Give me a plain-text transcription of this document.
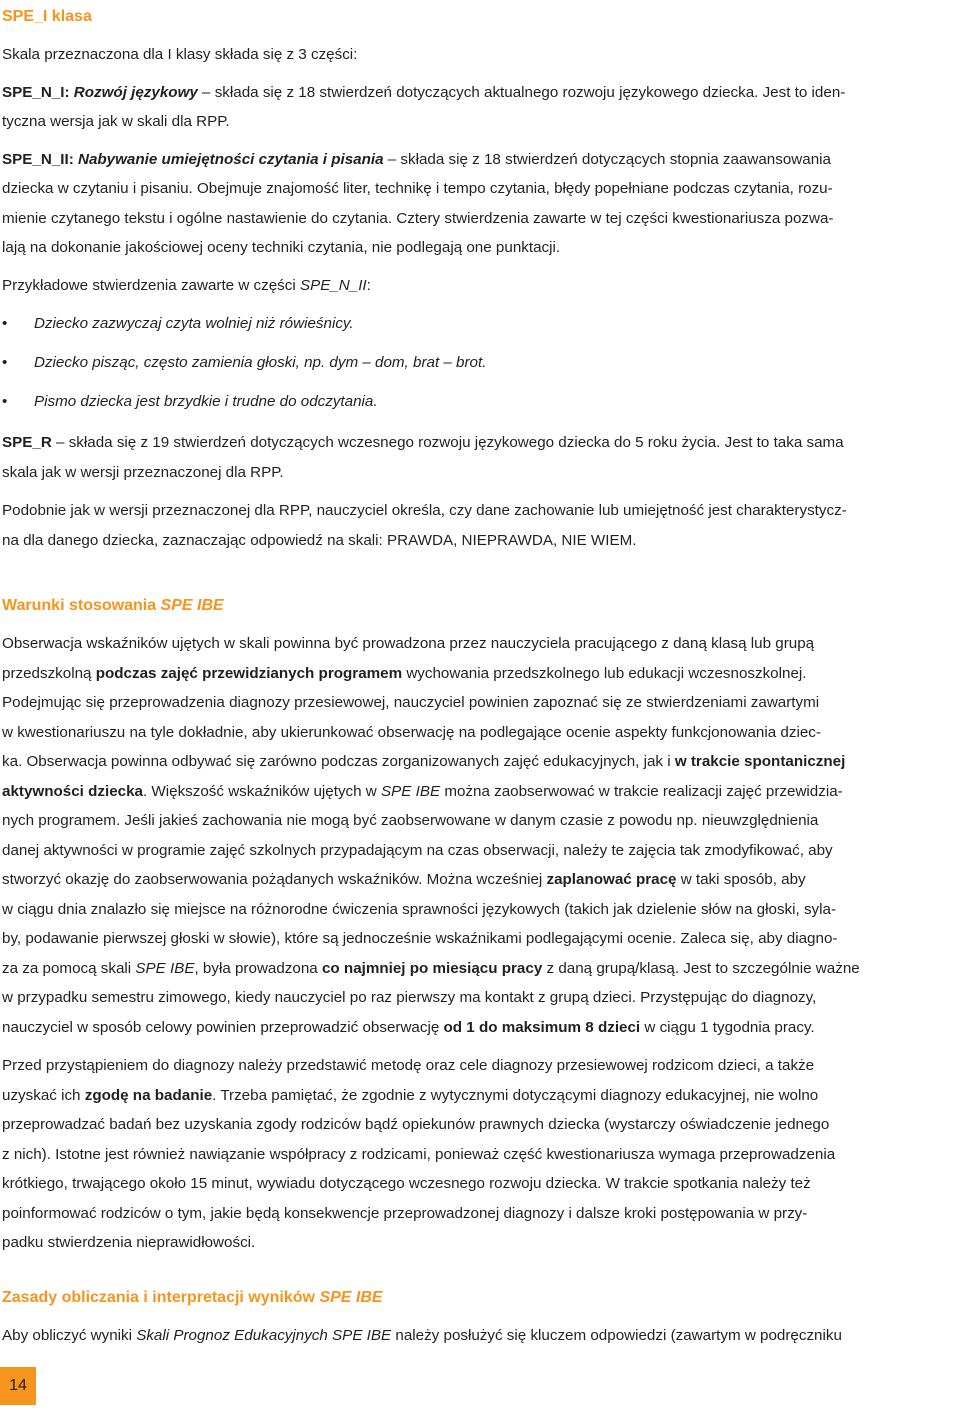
SPE_I klasa

Skala przeznaczona dla I klasy składa się z 3 części:

SPE_N_I: Rozwój językowy – składa się z 18 stwierdzeń dotyczących aktualnego rozwoju językowego dziecka. Jest to iden-
tyczna wersja jak w skali dla RPP.

SPE_N_II: Nabywanie umiejętności czytania i pisania – składa się z 18 stwierdzeń dotyczących stopnia zaawansowania
dziecka w czytaniu i pisaniu. Obejmuje znajomość liter, technikę i tempo czytania, błędy popełniane podczas czytania, rozu-
mienie czytanego tekstu i ogólne nastawienie do czytania. Cztery stwierdzenia zawarte w tej części kwestionariusza pozwa-
lają na dokonanie jakościowej oceny techniki czytania, nie podlegają one punktacji.

Przykładowe stwierdzenia zawarte w części SPE_N_II:

• Dziecko zazwyczaj czyta wolniej niż rówieśnicy.
• Dziecko pisząc, często zamienia głoski, np. dym – dom, brat – brot.
• Pismo dziecka jest brzydkie i trudne do odczytania.

SPE_R – składa się z 19 stwierdzeń dotyczących wczesnego rozwoju językowego dziecka do 5 roku życia. Jest to taka sama
skala jak w wersji przeznaczonej dla RPP.

Podobnie jak w wersji przeznaczonej dla RPP, nauczyciel określa, czy dane zachowanie lub umiejętność jest charakterystycz-
na dla danego dziecka, zaznaczając odpowiedź na skali: PRAWDA, NIEPRAWDA, NIE WIEM.

Warunki stosowania SPE IBE

Obserwacja wskaźników ujętych w skali powinna być prowadzona przez nauczyciela pracującego z daną klasą lub grupą
przedszkolną podczas zajęć przewidzianych programem wychowania przedszkolnego lub edukacji wczesnoszkolnej.
Podejmując się przeprowadzenia diagnozy przesiewowej, nauczyciel powinien zapoznać się ze stwierdzeniami zawartymi
w kwestionariuszu na tyle dokładnie, aby ukierunkować obserwację na podlegające ocenie aspekty funkcjonowania dziec-
ka. Obserwacja powinna odbywać się zarówno podczas zorganizowanych zajęć edukacyjnych, jak i w trakcie spontanicznej
aktywności dziecka. Większość wskaźników ujętych w SPE IBE można zaobserwować w trakcie realizacji zajęć przewidzia-
nych programem. Jeśli jakieś zachowania nie mogą być zaobserwowane w danym czasie z powodu np. nieuwzględnienia
danej aktywności w programie zajęć szkolnych przypadającym na czas obserwacji, należy te zajęcia tak zmodyfikować, aby
stworzyć okazję do zaobserwowania pożądanych wskaźników. Można wcześniej zaplanować pracę w taki sposób, aby
w ciągu dnia znalazło się miejsce na różnorodne ćwiczenia sprawności językowych (takich jak dzielenie słów na głoski, syla-
by, podawanie pierwszej głoski w słowie), które są jednocześnie wskaźnikami podlegającymi ocenie. Zaleca się, aby diagno-
za za pomocą skali SPE IBE, była prowadzona co najmniej po miesiącu pracy z daną grupą/klasą. Jest to szczególnie ważne
w przypadku semestru zimowego, kiedy nauczyciel po raz pierwszy ma kontakt z grupą dzieci. Przystępując do diagnozy,
nauczyciel w sposób celowy powinien przeprowadzić obserwację od 1 do maksimum 8 dzieci w ciągu 1 tygodnia pracy.

Przed przystąpieniem do diagnozy należy przedstawić metodę oraz cele diagnozy przesiewowej rodzicom dzieci, a także
uzyskać ich zgodę na badanie. Trzeba pamiętać, że zgodnie z wytycznymi dotyczącymi diagnozy edukacyjnej, nie wolno
przeprowadzać badań bez uzyskania zgody rodziców bądź opiekunów prawnych dziecka (wystarczy oświadczenie jednego
z nich). Istotne jest również nawiązanie współpracy z rodzicami, ponieważ część kwestionariusza wymaga przeprowadzenia
krótkiego, trwającego około 15 minut, wywiadu dotyczącego wczesnego rozwoju dziecka. W trakcie spotkania należy też
poinformować rodziców o tym, jakie będą konsekwencje przeprowadzonej diagnozy i dalsze kroki postępowania w przy-
padku stwierdzenia nieprawidłowości.

Zasady obliczania i interpretacji wyników SPE IBE

Aby obliczyć wyniki Skali Prognoz Edukacyjnych SPE IBE należy posłużyć się kluczem odpowiedzi (zawartym w podręczniku

14
